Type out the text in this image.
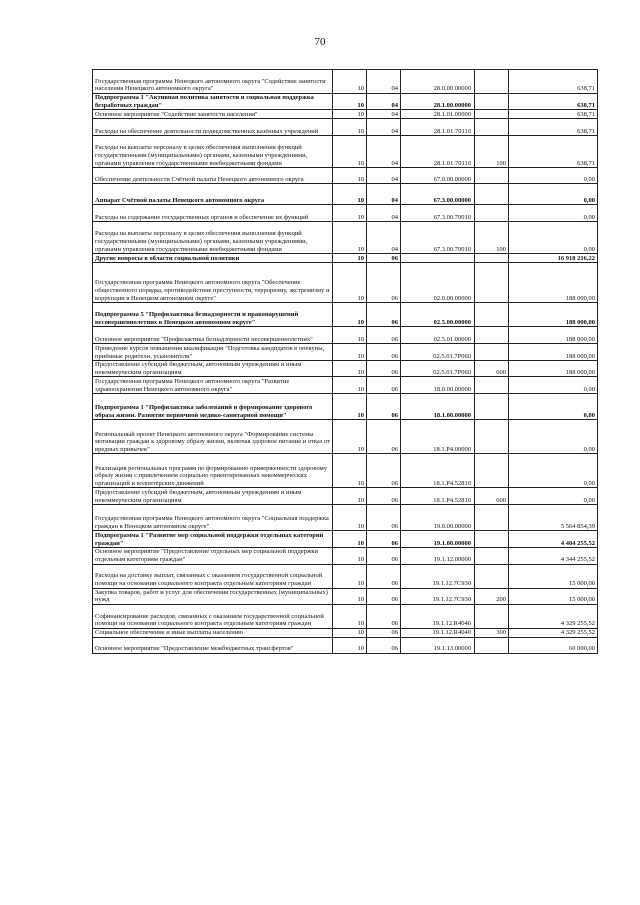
70
Государственная программа Ненецкого автономного округа "Содействие занятости населения Ненецкого автономного округа"	10	04	28.0.00.00000		638,71
Подпрограмма 1 "Активная политика занятости и социальная поддержка безработных граждан"	10	04	28.1.00.00000		638,71
Основное мероприятие "Содействие занятости населения"	10	04	28.1.01.00000		638,71
Расходы на обеспечение деятельности подведомственных казённых учреждений	10	04	28.1.01.70110		638,71
Расходы на выплаты персоналу в целях обеспечения выполнения функций государственными (муниципальными) органами, казенными учреждениями, органами управления государственными внебюджетными фондами	10	04	28.1.01.70110	100	638,71
Обеспечение деятельности Счётной палаты Ненецкого автономного округа	10	04	67.0.00.00000		0,00
Аппарат Счётной палаты Ненецкого автономного округа	10	04	67.3.00.00000		0,00
Расходы на содержание государственных органов и обеспечение их функций	10	04	67.3.00.70010		0,00
Расходы на выплаты персоналу в целях обеспечения выполнения функций государственными (муниципальными) органами, казенными учреждениями, органами управления государственными внебюджетными фондами	10	04	67.3.00.70010	100	0,00
Другие вопросы в области социальной политики	10	06			16 918 216,22
Государственная программа Ненецкого автономного округа "Обеспечение общественного порядка, противодействие преступности, терроризму, экстремизму и коррупции в Ненецком автономном округе"	10	06	02.0.00.00000		188 000,00
Подпрограмма 5 "Профилактика безнадзорности и правонарушений несовершеннолетних в Ненецком автономном округе"	10	06	02.5.00.00000		188 000,00
Основное мероприятие "Профилактика безнадзорности несовершеннолетних"	10	06	02.5.01.00000		188 000,00
Проведение курсов повышения квалификации "Подготовка кандидатов в опекуны, приёмные родители, усыновители"	10	06	02.5.01.7Р060		188 000,00
Предоставление субсидий бюджетным, автономным учреждениям и иным некоммерческим организациям	10	06	02.5.01.7Р060	600	188 000,00
Государственная программа Ненецкого автономного округа "Развитие здравоохранения Ненецкого автономного округа"	10	06	18.0.00.00000		0,00
Подпрограмма 1 "Профилактика заболеваний и формирование здорового образа жизни. Развитие первичной медико-санитарной помощи"	10	06	18.1.00.00000		0,00
Региональный проект Ненецкого автономного округа "Формирование системы мотивации граждан к здоровому образу жизни, включая здоровое питание и отказ от вредных привычек"	10	06	18.1.Р4.00000		0,00
Реализация региональных программ по формированию приверженности здоровому образу жизни с привлечением социально ориентированных некоммерческих организаций и волонтёрских движений	10	06	18.1.Р4.52810		0,00
Предоставление субсидий бюджетным, автономным учреждениям и иным некоммерческим организациям	10	06	18.1.Р4.52810	600	0,00
Государственная программа Ненецкого автономного округа "Социальная поддержка граждан в Ненецком автономном округе"	10	06	19.0.00.00000		5 564 854,39
Подпрограмма 1 "Развитие мер социальной поддержки отдельных категорий граждан"	10	06	19.1.00.00000		4 404 255,52
Основное мероприятие "Предоставление отдельных мер социальной поддержки отдельным категориям граждан"	10	06	19.1.12.00000		4 344 255,52
Расходы на доставку выплат, связанных с оказанием государственной социальной помощи на основании социального контракта отдельным категориям граждан	10	06	19.1.12.7С930		15 000,00
Закупка товаров, работ и услуг для обеспечения государственных (муниципальных) нужд	10	06	19.1.12.7С930	200	15 000,00
Софинансирование расходов, связанных с оказанием государственной социальной помощи на основании социального контракта отдельным категориям граждан	10	06	19.1.12.R4040		4 329 255,52
Социальное обеспечение и иные выплаты населению	10	06	19.1.12.R4040	300	4 329 255,52
Основное мероприятие "Предоставление межбюджетных трансфертов"	10	06	19.1.13.00000		60 000,00
